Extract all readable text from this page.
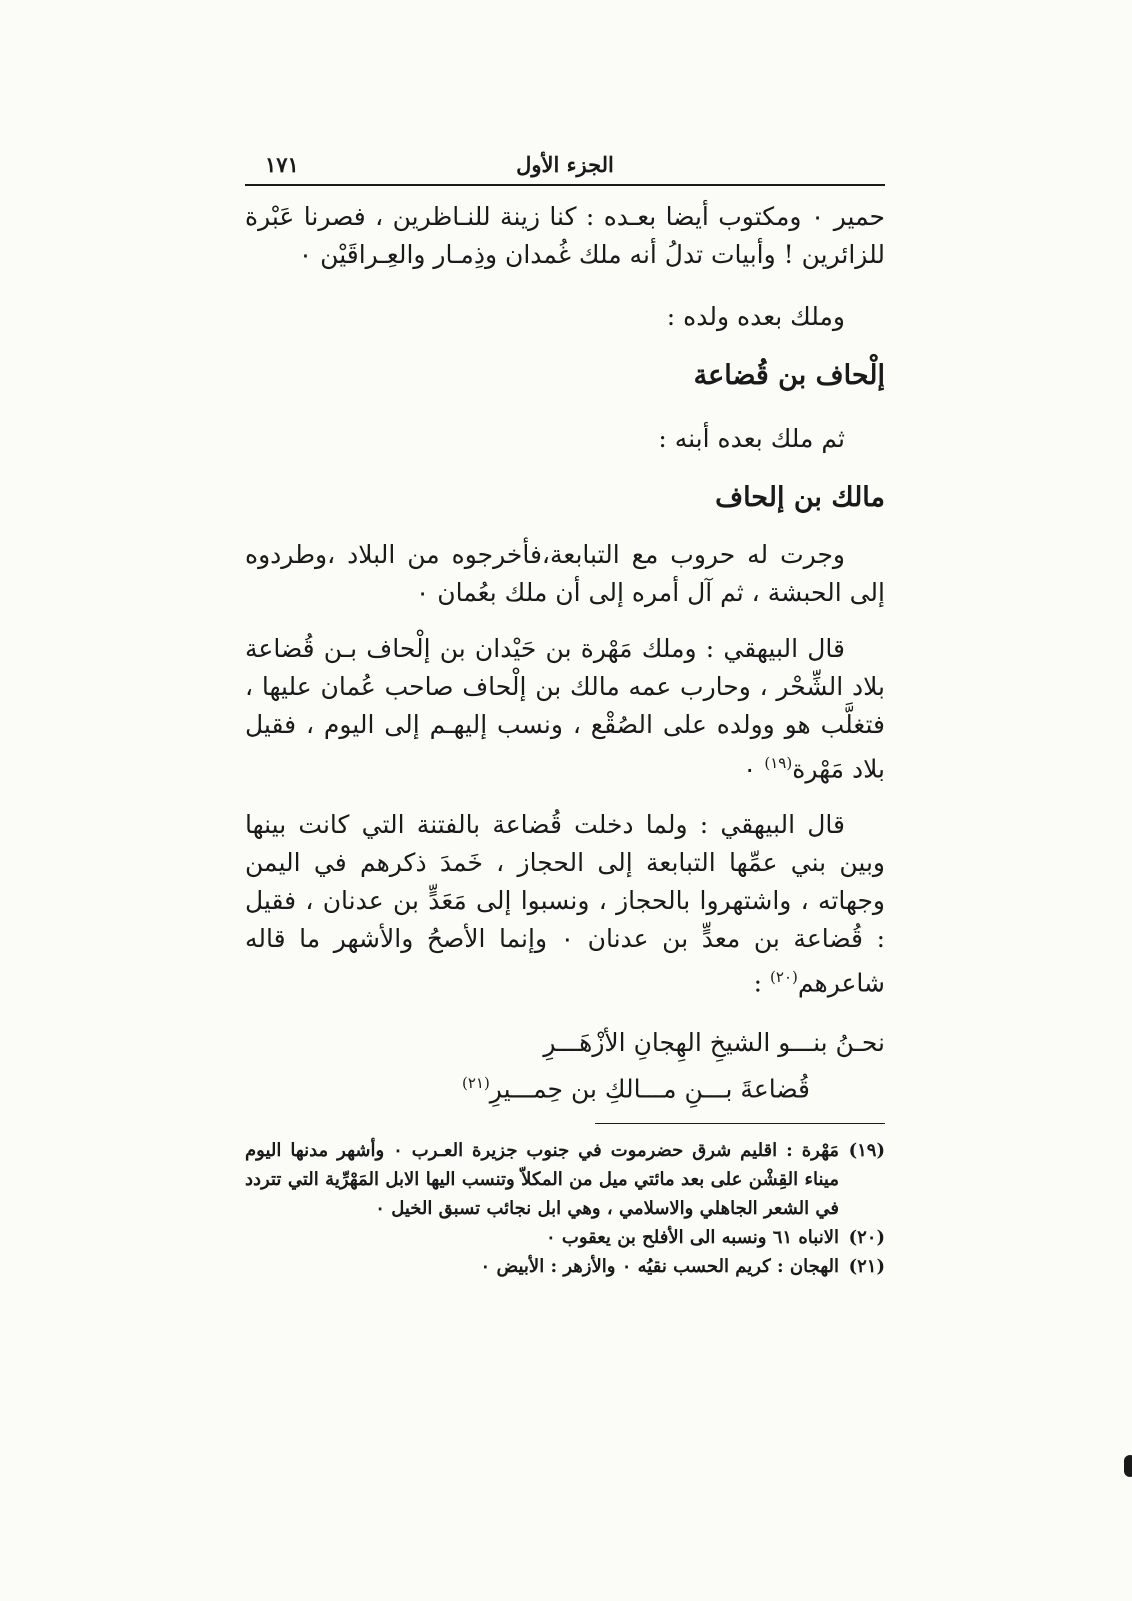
الجزء الأول
١٧١

حمير ٠ ومكتوب أيضا بعـده : كنا زينة للنـاظرين ، فصرنا عَبْرة للزائرين ! وأبيات تدلُ أنه ملك غُمدان وذِمـار والعِـراقَيْن ٠

وملك بعده ولده :

إلْحاف بن قُضاعة

ثم ملك بعده أبنه :

مالك بن إلحاف

وجرت له حروب مع التبابعة،فأخرجوه من البلاد ،وطردوه إلى الحبشة ، ثم آل أمره إلى أن ملك بعُمان ٠

قال البيهقي : وملك مَهْرة بن حَيْدان بن إلْحاف بـن قُضاعة بلاد الشِّحْر ، وحارب عمه مالك بن إلْحاف صاحب عُمان عليها ، فتغلَّب هو وولده على الصُقْع ، ونسب إليهـم إلى اليوم ، فقيل بلاد مَهْرة$^{(١٩)}$ ٠

قال البيهقي : ولما دخلت قُضاعة بالفتنة التي كانت بينها وبين بني عمِّها التبابعة إلى الحجاز ، خَمدَ ذكرهم في اليمن وجهاته ، واشتهروا بالحجاز ، ونسبوا إلى مَعَدٍّ بن عدنان ، فقيل : قُضاعة بن معدٍّ بن عدنان ٠ وإنما الأصحُ والأشهر ما قاله شاعرهم$^{(٢٠)}$ :

نحـنُ بنـــو الشيخِ الهِجانِ الأزْهَـــرِ
قُضاعةَ بـــنِ مـــالكِ بن حِمـــيرِ$^{(٢١)}$
(١٩)
مَهْرة : اقليم شرق حضرموت في جنوب جزيرة العـرب ٠ وأشهر مدنها اليوم ميناء القِشْن على بعد مائتي ميل من المكلاّ وتنسب اليها الابل المَهْرِّية التي تتردد في الشعر الجاهلي والاسلامي ، وهي ابل نجائب تسبق الخيل ٠
(٢٠)
الانباه ٦١ ونسبه الى الأفلح بن يعقوب ٠
(٢١)
الهجان : كريم الحسب نقيُه ٠ والأزهر : الأبيض ٠
